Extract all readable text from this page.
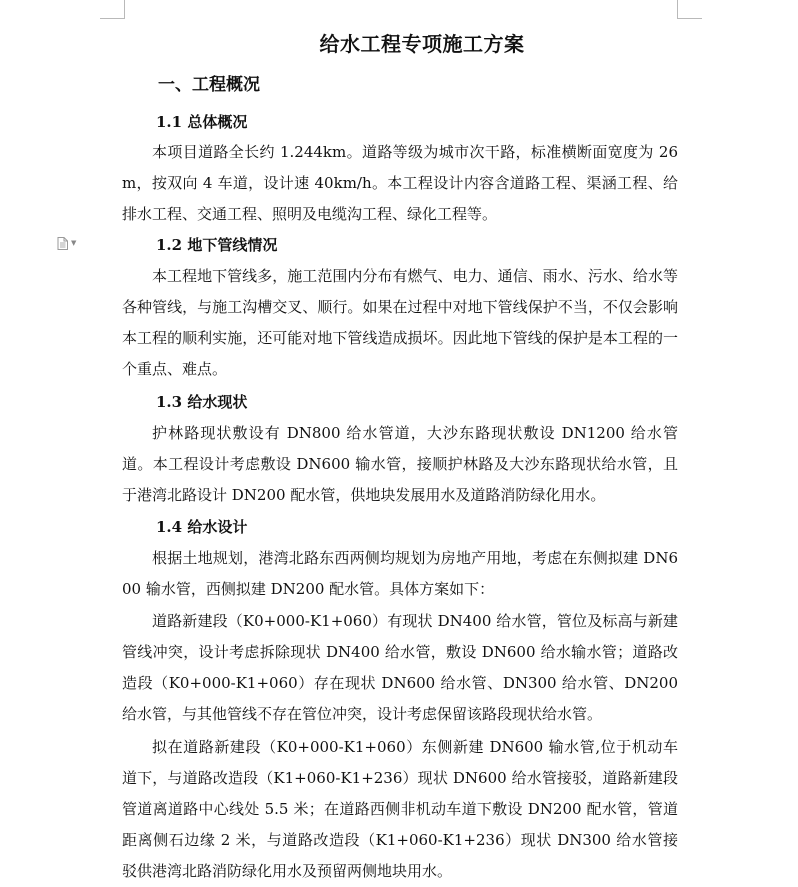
▼
给水工程专项施工方案
一、工程概况
1.1 总体概况
本项目道路全长约 1.244km。道路等级为城市次干路，标准横断面宽度为 26m，按双向 4 车道，设计速 40km/h。本工程设计内容含道路工程、渠涵工程、给排水工程、交通工程、照明及电缆沟工程、绿化工程等。
1.2 地下管线情况
本工程地下管线多，施工范围内分布有燃气、电力、通信、雨水、污水、给水等各种管线，与施工沟槽交叉、顺行。如果在过程中对地下管线保护不当，不仅会影响本工程的顺利实施，还可能对地下管线造成损坏。因此地下管线的保护是本工程的一个重点、难点。
1.3 给水现状
护林路现状敷设有 DN800 给水管道，大沙东路现状敷设 DN1200 给水管道。本工程设计考虑敷设 DN600 输水管，接顺护林路及大沙东路现状给水管，且于港湾北路设计 DN200 配水管，供地块发展用水及道路消防绿化用水。
1.4 给水设计
根据土地规划，港湾北路东西两侧均规划为房地产用地，考虑在东侧拟建 DN600 输水管，西侧拟建 DN200 配水管。具体方案如下：
道路新建段（K0+000-K1+060）有现状 DN400 给水管，管位及标高与新建管线冲突，设计考虑拆除现状 DN400 给水管，敷设 DN600 给水输水管；道路改造段（K0+000-K1+060）存在现状 DN600 给水管、DN300 给水管、DN200 给水管，与其他管线不存在管位冲突，设计考虑保留该路段现状给水管。
拟在道路新建段（K0+000-K1+060）东侧新建 DN600 输水管,位于机动车道下，与道路改造段（K1+060-K1+236）现状 DN600 给水管接驳，道路新建段管道离道路中心线处 5.5 米；在道路西侧非机动车道下敷设 DN200 配水管，管道距离侧石边缘 2 米，与道路改造段（K1+060-K1+236）现状 DN300 给水管接驳供港湾北路消防绿化用水及预留两侧地块用水。
